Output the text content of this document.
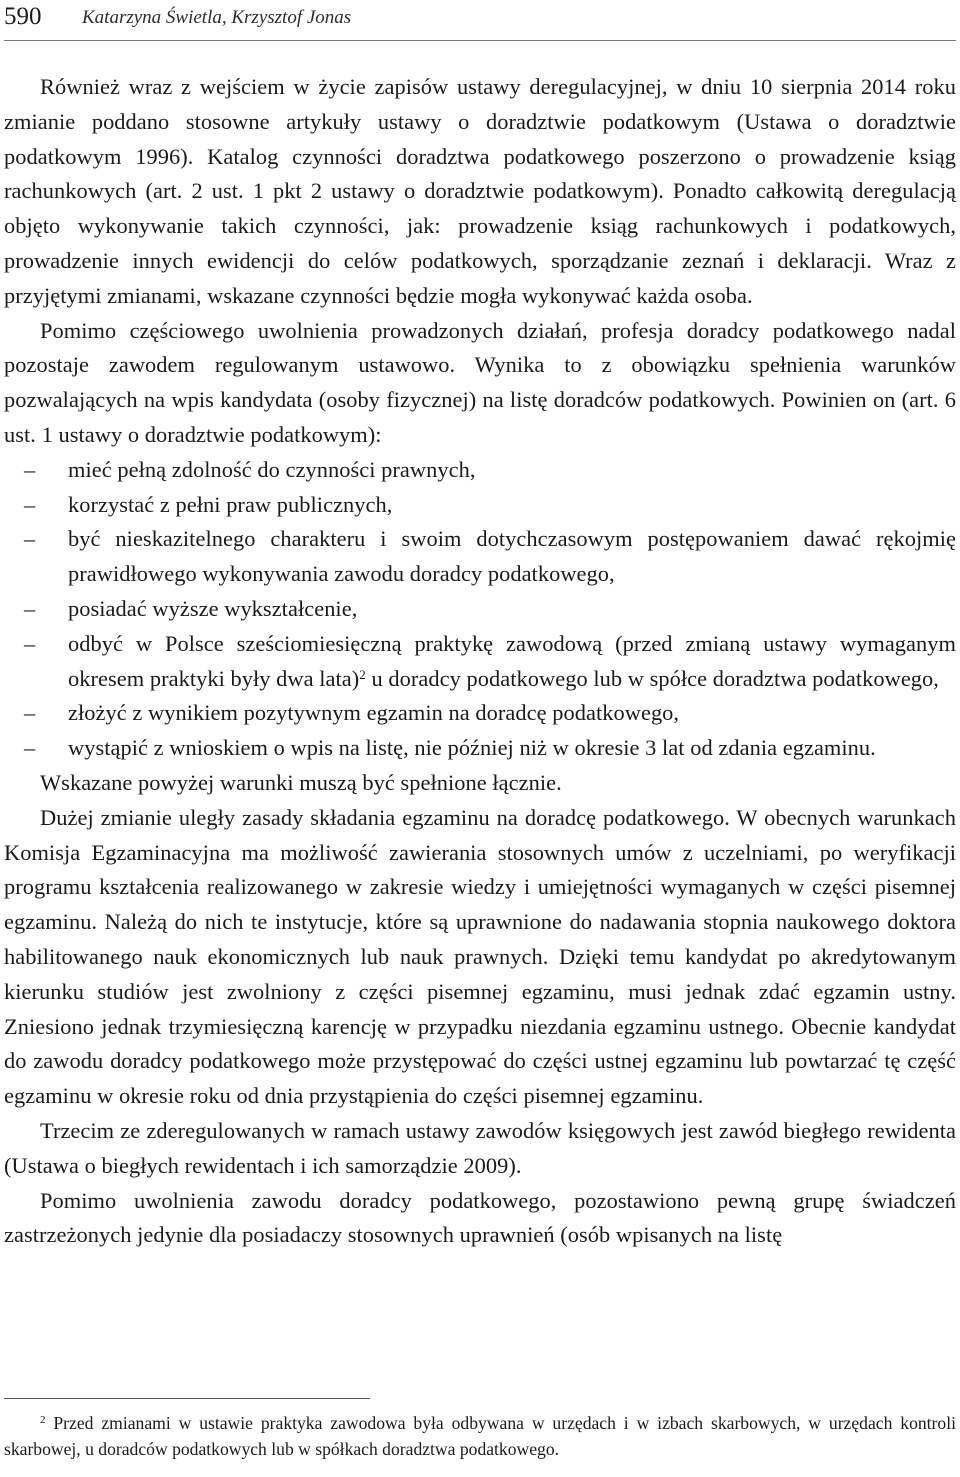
590 Katarzyna Świetla, Krzysztof Jonas

Również wraz z wejściem w życie zapisów ustawy deregulacyjnej, w dniu 10 sierpnia 2014 roku zmianie poddano stosowne artykuły ustawy o doradztwie podatkowym (Ustawa o doradztwie podatkowym 1996). Katalog czynności doradztwa podatkowego poszerzono o prowadzenie ksiąg rachunkowych (art. 2 ust. 1 pkt 2 ustawy o doradztwie podatkowym). Ponadto całkowitą deregulacją objęto wykonywanie takich czynności, jak: prowadzenie ksiąg rachunkowych i podatkowych, prowadzenie innych ewidencji do celów podatkowych, sporządzanie zeznań i deklaracji. Wraz z przyjętymi zmianami, wskazane czynności będzie mogła wykonywać każda osoba.

Pomimo częściowego uwolnienia prowadzonych działań, profesja doradcy podatkowego nadal pozostaje zawodem regulowanym ustawowo. Wynika to z obowiązku spełnienia warunków pozwalających na wpis kandydata (osoby fizycznej) na listę doradców podatkowych. Powinien on (art. 6 ust. 1 ustawy o doradztwie podatkowym):

– mieć pełną zdolność do czynności prawnych,
– korzystać z pełni praw publicznych,
– być nieskazitelnego charakteru i swoim dotychczasowym postępowaniem dawać rękojmię prawidłowego wykonywania zawodu doradcy podatkowego,
– posiadać wyższe wykształcenie,
– odbyć w Polsce sześciomiesięczną praktykę zawodową (przed zmianą ustawy wymaganym okresem praktyki były dwa lata)$^2$ u doradcy podatkowego lub w spółce doradztwa podatkowego,
– złożyć z wynikiem pozytywnym egzamin na doradcę podatkowego,
– wystąpić z wnioskiem o wpis na listę, nie później niż w okresie 3 lat od zdania egzaminu.

Wskazane powyżej warunki muszą być spełnione łącznie.

Dużej zmianie uległy zasady składania egzaminu na doradcę podatkowego. W obecnych warunkach Komisja Egzaminacyjna ma możliwość zawierania stosownych umów z uczelniami, po weryfikacji programu kształcenia realizowanego w zakresie wiedzy i umiejętności wymaganych w części pisemnej egzaminu. Należą do nich te instytucje, które są uprawnione do nadawania stopnia naukowego doktora habilitowanego nauk ekonomicznych lub nauk prawnych. Dzięki temu kandydat po akredytowanym kierunku studiów jest zwolniony z części pisemnej egzaminu, musi jednak zdać egzamin ustny. Zniesiono jednak trzymiesięczną karencję w przypadku niezdania egzaminu ustnego. Obecnie kandydat do zawodu doradcy podatkowego może przystępować do części ustnej egzaminu lub powtarzać tę część egzaminu w okresie roku od dnia przystąpienia do części pisemnej egzaminu.

Trzecim ze zderegulowanych w ramach ustawy zawodów księgowych jest zawód biegłego rewidenta (Ustawa o biegłych rewidentach i ich samorządzie 2009).

Pomimo uwolnienia zawodu doradcy podatkowego, pozostawiono pewną grupę świadczeń zastrzeżonych jedynie dla posiadaczy stosownych uprawnień (osób wpisanych na listę

$^2$ Przed zmianami w ustawie praktyka zawodowa była odbywana w urzędach i w izbach skarbowych, w urzędach kontroli skarbowej, u doradców podatkowych lub w spółkach doradztwa podatkowego.
